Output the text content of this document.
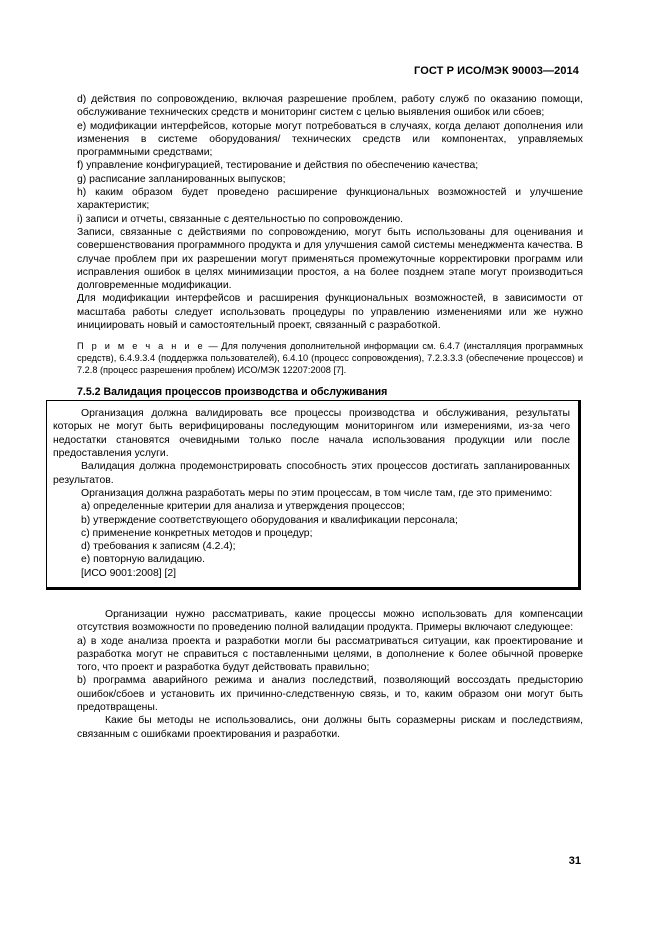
ГОСТ Р ИСО/МЭК 90003—2014
d) действия по сопровождению, включая разрешение проблем, работу служб по оказанию помощи, обслуживание технических средств и мониторинг систем с целью выявления ошибок или сбоев;
е) модификации интерфейсов, которые могут потребоваться в случаях, когда делают дополнения или изменения в системе оборудования/ технических средств или компонентах, управляемых программными средствами;
f) управление конфигурацией, тестирование и действия по обеспечению качества;
g) расписание запланированных выпусков;
h) каким образом будет проведено расширение функциональных возможностей и улучшение характеристик;
i) записи и отчеты, связанные с деятельностью по сопровождению.
Записи, связанные с действиями по сопровождению, могут быть использованы для оценивания и совершенствования программного продукта и для улучшения самой системы менеджмента качества. В случае проблем при их разрешении могут применяться промежуточные корректировки программ или исправления ошибок в целях минимизации простоя, а на более позднем этапе могут производиться долговременные модификации.
Для модификации интерфейсов и расширения функциональных возможностей, в зависимости от масштаба работы следует использовать процедуры по управлению изменениями или же нужно инициировать новый и самостоятельный проект, связанный с разработкой.
П р и м е ч а н и е — Для получения дополнительной информации см. 6.4.7 (инсталляция программных средств), 6.4.9.3.4 (поддержка пользователей), 6.4.10 (процесс сопровождения), 7.2.3.3.3 (обеспечение процессов) и 7.2.8 (процесс разрешения проблем) ИСО/МЭК 12207:2008 [7].
7.5.2 Валидация процессов производства и обслуживания
Организация должна валидировать все процессы производства и обслуживания, результаты которых не могут быть верифицированы последующим мониторингом или измерениями, из-за чего недостатки становятся очевидными только после начала использования продукции или после предоставления услуги.
Валидация должна продемонстрировать способность этих процессов достигать запланированных результатов.
Организация должна разработать меры по этим процессам, в том числе там, где это применимо:
a) определенные критерии для анализа и утверждения процессов;
b) утверждение соответствующего оборудования и квалификации персонала;
c) применение конкретных методов и процедур;
d) требования к записям (4.2.4);
e) повторную валидацию.
[ИСО 9001:2008] [2]
Организации нужно рассматривать, какие процессы можно использовать для компенсации отсутствия возможности по проведению полной валидации продукта. Примеры включают следующее:
a) в ходе анализа проекта и разработки могли бы рассматриваться ситуации, как проектирование и разработка могут не справиться с поставленными целями, в дополнение к более обычной проверке того, что проект и разработка будут действовать правильно;
b) программа аварийного режима и анализ последствий, позволяющий воссоздать предысторию ошибок/сбоев и установить их причинно-следственную связь, и то, каким образом они могут быть предотвращены.
Какие бы методы не использовались, они должны быть соразмерны рискам и последствиям, связанным с ошибками проектирования и разработки.
31
